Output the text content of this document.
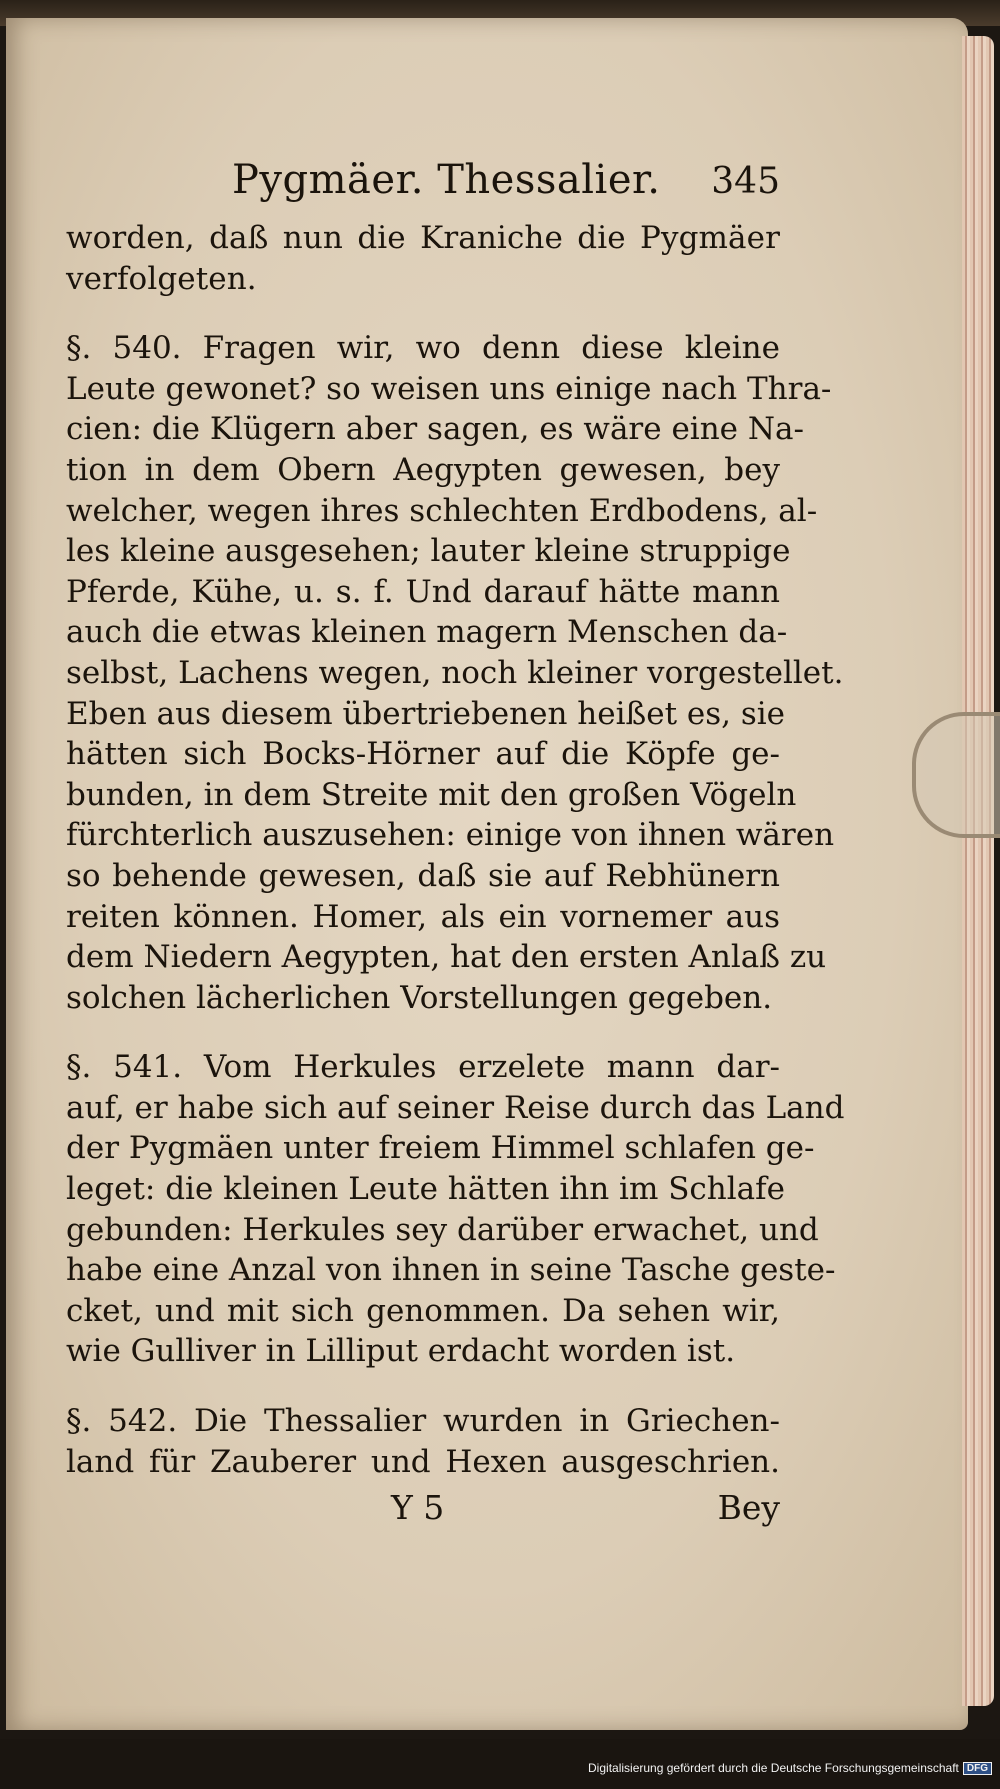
Pygmäer. Thessalier. 345

worden, daß nun die Kraniche die Pygmäer
verfolgeten.

§. 540. Fragen wir, wo denn diese kleine
Leute gewonet? so weisen uns einige nach Thra-
cien: die Klügern aber sagen, es wäre eine Na-
tion in dem Obern Aegypten gewesen, bey
welcher, wegen ihres schlechten Erdbodens, al-
les kleine ausgesehen; lauter kleine struppige
Pferde, Kühe, u. s. f. Und darauf hätte mann
auch die etwas kleinen magern Menschen da-
selbst, Lachens wegen, noch kleiner vorgestellet.
Eben aus diesem übertriebenen heißet es, sie
hätten sich Bocks-Hörner auf die Köpfe ge-
bunden, in dem Streite mit den großen Vögeln
fürchterlich auszusehen: einige von ihnen wären
so behende gewesen, daß sie auf Rebhünern
reiten können. Homer, als ein vornemer aus
dem Niedern Aegypten, hat den ersten Anlaß zu
solchen lächerlichen Vorstellungen gegeben.

§. 541. Vom Herkules erzelete mann dar-
auf, er habe sich auf seiner Reise durch das Land
der Pygmäen unter freiem Himmel schlafen ge-
leget: die kleinen Leute hätten ihn im Schlafe
gebunden: Herkules sey darüber erwachet, und
habe eine Anzal von ihnen in seine Tasche geste-
cket, und mit sich genommen. Da sehen wir,
wie Gulliver in Lilliput erdacht worden ist.

§. 542. Die Thessalier wurden in Griechen-
land für Zauberer und Hexen ausgeschrien.

Y 5	Bey
Digitalisierung gefördert durch die Deutsche Forschungsgemeinschaft DFG
